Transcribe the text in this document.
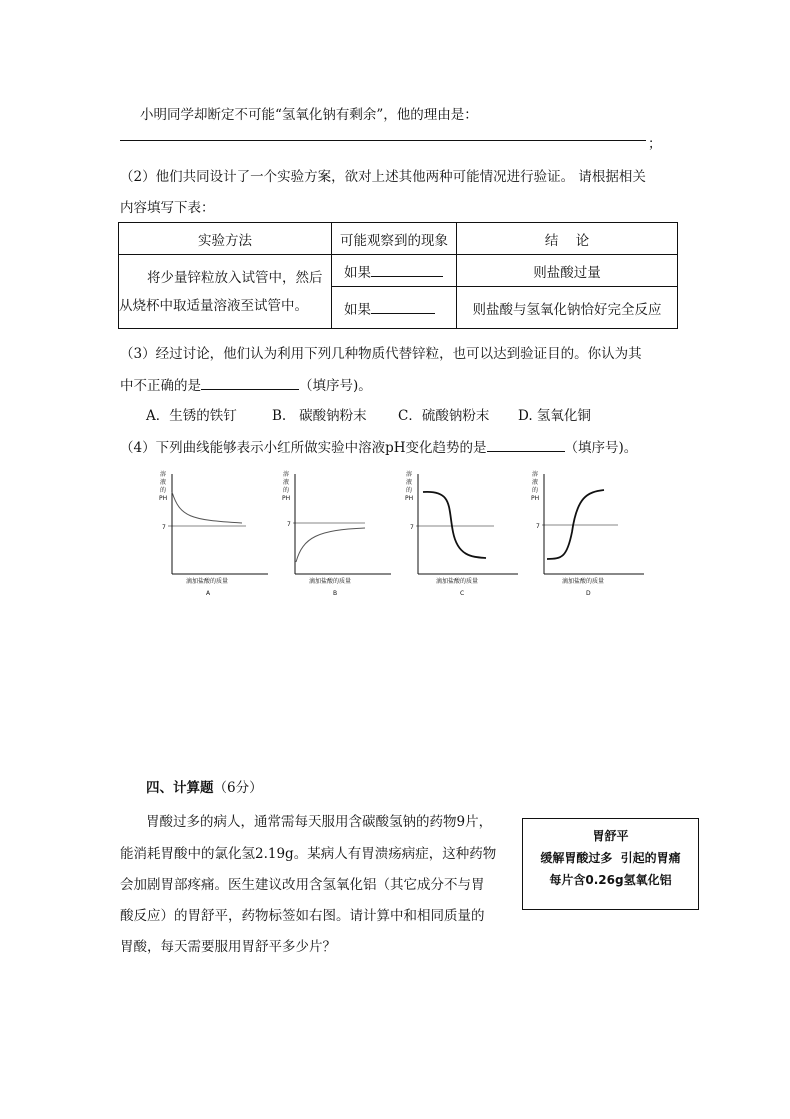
小明同学却断定不可能“氢氧化钠有剩余”，他的理由是：
；
（2）他们共同设计了一个实验方案，欲对上述其他两种可能情况进行验证。 请根据相关
内容填写下表：
实验方法	可能观察到的现象	结    论

将少量锌粒放入试管中，然后
从烧杯中取适量溶液至试管中。	如果	则盐酸过量
	如果	则盐酸与氢氧化钠恰好完全反应
（3）经过讨论，他们认为利用下列几种物质代替锌粒，也可以达到验证目的。你认为其
中不正确的是	（填序号)。
A．生锈的铁钉	B.   碳酸钠粉末 C．硫酸钠粉末 D. 氢氧化铜
（4）下列曲线能够表示小红所做实验中溶液pH变化趋势的是	（填序号)。
溶
液
的
PH
7
滴加盐酸的质量
A
溶
液
的
PH
7
滴加盐酸的质量
B
溶
液
的
PH
7
滴加盐酸的质量
C
溶
液
的
PH
7
滴加盐酸的质量
D
四、计算题（6分）
胃酸过多的病人，通常需每天服用含碳酸氢钠的药物9片，
能消耗胃酸中的氯化氢2.19g。某病人有胃溃疡病症，这种药物
会加剧胃部疼痛。医生建议改用含氢氧化铝（其它成分不与胃
酸反应）的胃舒平，药物标签如右图。请计算中和相同质量的
胃酸，每天需要服用胃舒平多少片？
胃舒平
缓解胃酸过多  引起的胃痛
每片含0.26g氢氧化铝
